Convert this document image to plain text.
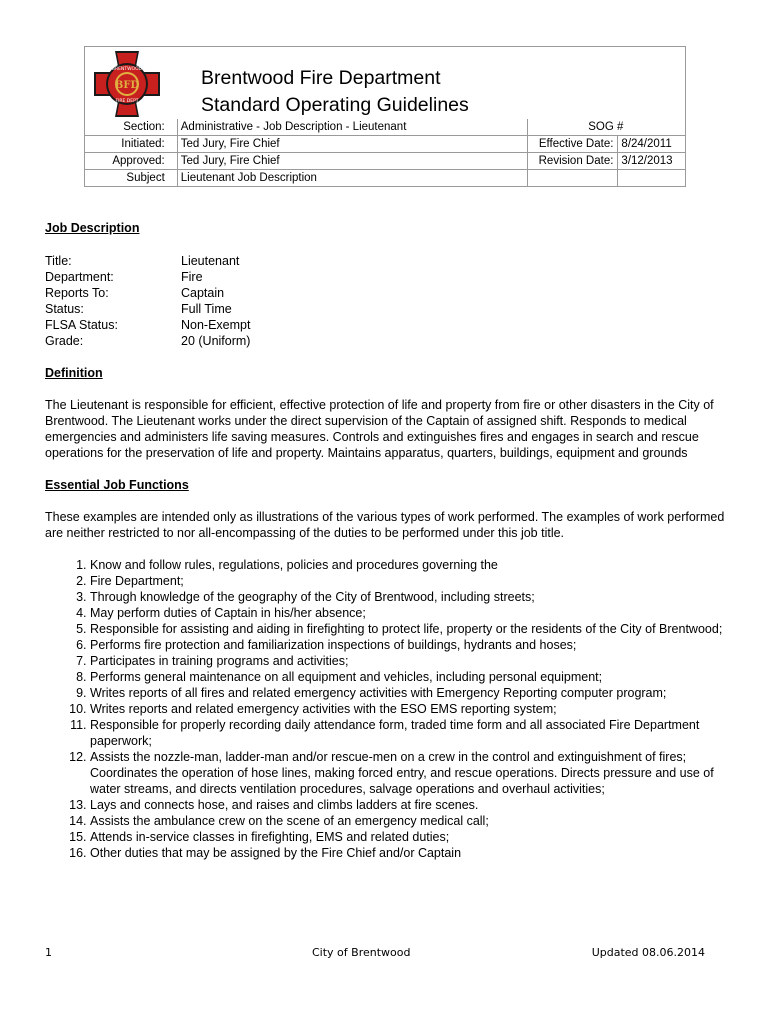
BFD
BRENTWOOD
FIRE DEPT
Brentwood Fire Department
Standard Operating Guidelines
Section:	Administrative - Job Description - Lieutenant	SOG #	
Initiated:	Ted Jury, Fire Chief	Effective Date:	8/24/2011
Approved:	Ted Jury, Fire Chief	Revision Date:	3/12/2013
Subject	Lieutenant Job Description		
Job Description
Title:	Lieutenant
Department:	Fire
Reports To:	Captain
Status:	Full Time
FLSA Status:	Non-Exempt
Grade:	20 (Uniform)
Definition

The Lieutenant is responsible for efficient, effective protection of life and property from fire or other disasters in the City of Brentwood. The Lieutenant works under the direct supervision of the Captain of assigned shift. Responds to medical emergencies and administers life saving measures. Controls and extinguishes fires and engages in search and rescue operations for the preservation of life and property. Maintains apparatus, quarters, buildings, equipment and grounds

Essential Job Functions

These examples are intended only as illustrations of the various types of work performed. The examples of work performed are neither restricted to nor all-encompassing of the duties to be performed under this job title.

1. Know and follow rules, regulations, policies and procedures governing the
2. Fire Department;
3. Through knowledge of the geography of the City of Brentwood, including streets;
4. May perform duties of Captain in his/her absence;
5. Responsible for assisting and aiding in firefighting to protect life, property or the residents of the City of Brentwood;
6. Performs fire protection and familiarization inspections of buildings, hydrants and hoses;
7. Participates in training programs and activities;
8. Performs general maintenance on all equipment and vehicles, including personal equipment;
9. Writes reports of all fires and related emergency activities with Emergency Reporting computer program;
10. Writes reports and related emergency activities with the ESO EMS reporting system;
11. Responsible for properly recording daily attendance form, traded time form and all associated Fire Department paperwork;
12. Assists the nozzle-man, ladder-man and/or rescue-men on a crew in the control and extinguishment of fires; Coordinates the operation of hose lines, making forced entry, and rescue operations. Directs pressure and use of water streams, and directs ventilation procedures, salvage operations and overhaul activities;
13. Lays and connects hose, and raises and climbs ladders at fire scenes.
14. Assists the ambulance crew on the scene of an emergency medical call;
15. Attends in-service classes in firefighting, EMS and related duties;
16. Other duties that may be assigned by the Fire Chief and/or Captain
1	City of Brentwood	Updated 08.06.2014
